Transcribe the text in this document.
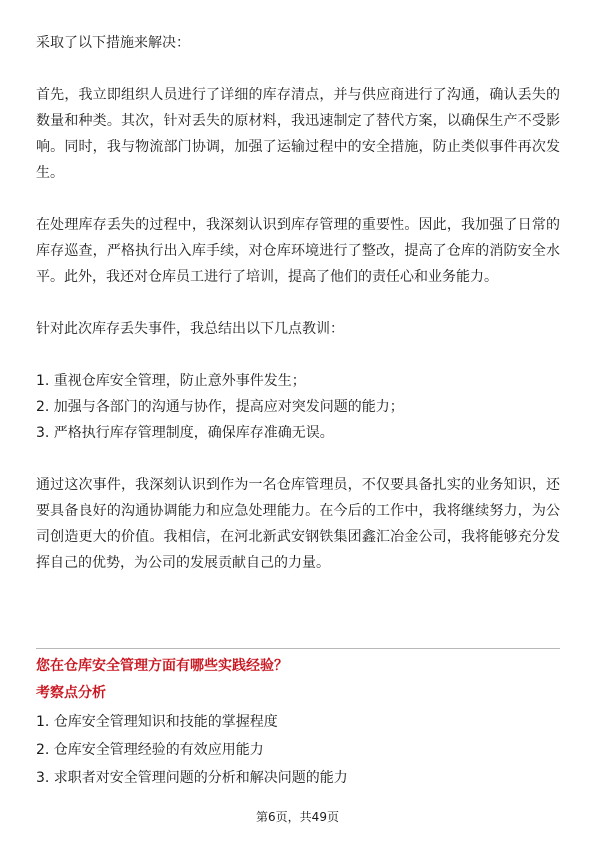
采取了以下措施来解决：

首先，我立即组织人员进行了详细的库存清点，并与供应商进行了沟通，确认丢失的数量和种类。其次，针对丢失的原材料，我迅速制定了替代方案，以确保生产不受影响。同时，我与物流部门协调，加强了运输过程中的安全措施，防止类似事件再次发生。

在处理库存丢失的过程中，我深刻认识到库存管理的重要性。因此，我加强了日常的库存巡查，严格执行出入库手续，对仓库环境进行了整改，提高了仓库的消防安全水平。此外，我还对仓库员工进行了培训，提高了他们的责任心和业务能力。

针对此次库存丢失事件，我总结出以下几点教训：

1. 重视仓库安全管理，防止意外事件发生；

2. 加强与各部门的沟通与协作，提高应对突发问题的能力；

3. 严格执行库存管理制度，确保库存准确无误。

通过这次事件，我深刻认识到作为一名仓库管理员，不仅要具备扎实的业务知识，还要具备良好的沟通协调能力和应急处理能力。在今后的工作中，我将继续努力，为公司创造更大的价值。我相信，在河北新武安钢铁集团鑫汇冶金公司，我将能够充分发挥自己的优势，为公司的发展贡献自己的力量。

您在仓库安全管理方面有哪些实践经验？

考察点分析

1. 仓库安全管理知识和技能的掌握程度

2. 仓库安全管理经验的有效应用能力

3. 求职者对安全管理问题的分析和解决问题的能力

第6页，共49页
